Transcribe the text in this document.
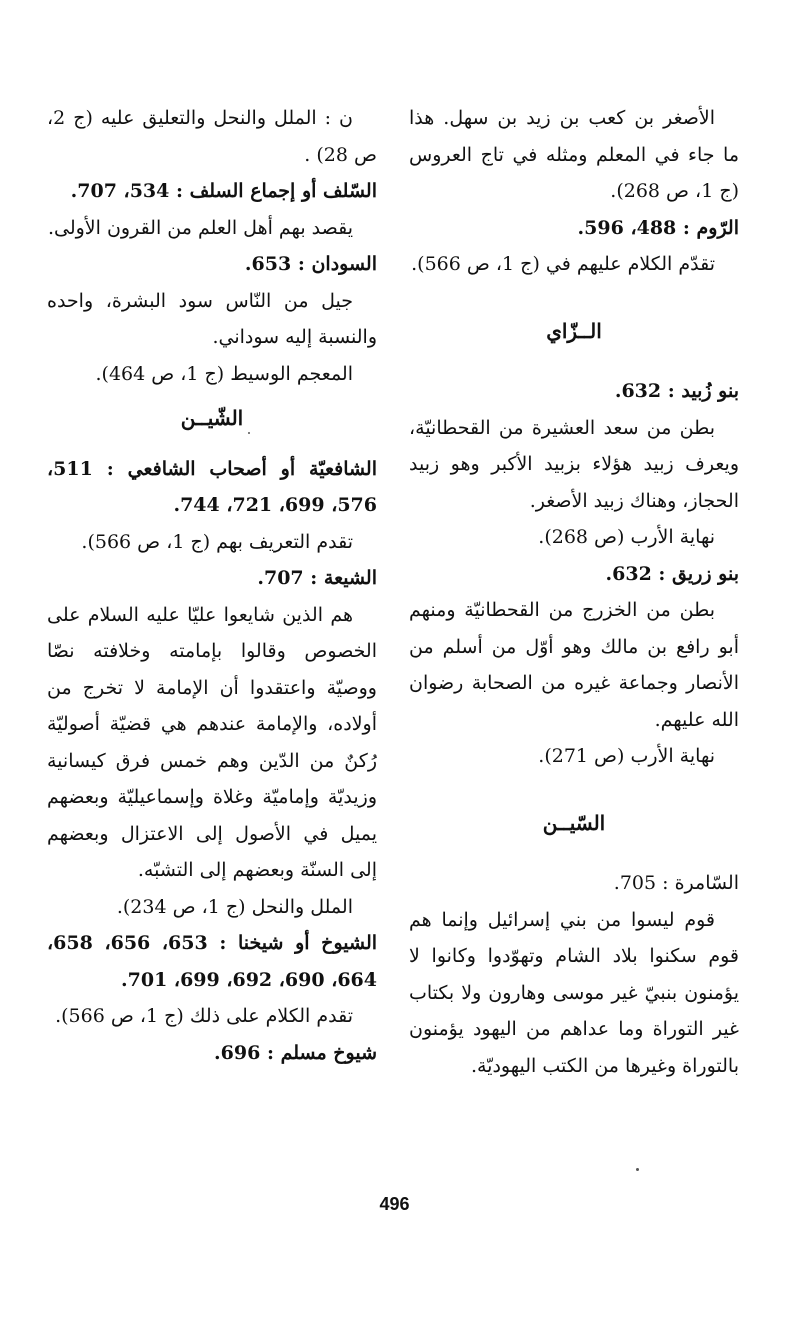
الأصغر بن كعب بن زيد بن سهل. هذا ما جاء في المعلم ومثله في تاج العروس (ج 1، ص 268).

الرّوم : 488، 596.

تقدّم الكلام عليهم في (ج 1، ص 566).

الــزّاي

بنو زُبيد : 632.

بطن من سعد العشيرة من القحطانيّة، ويعرف زبيد هؤلاء بزبيد الأكبر وهو زبيد الحجاز، وهناك زبيد الأصغر.

نهاية الأرب (ص 268).

بنو زريق : 632.

بطن من الخزرج من القحطانيّة ومنهم أبو رافع بن مالك وهو أوّل من أسلم من الأنصار وجماعة غيره من الصحابة رضوان الله عليهم.

نهاية الأرب (ص 271).

السّيــن

السّامرة : 705.

قوم ليسوا من بني إسرائيل وإنما هم قوم سكنوا بلاد الشام وتهوّدوا وكانوا لا يؤمنون بنبيّ غير موسى وهارون ولا بكتاب غير التوراة وما عداهم من اليهود يؤمنون بالتوراة وغيرها من الكتب اليهوديّة.

ن : الملل والنحل والتعليق عليه (ج 2، ص 28) .

السّلف أو إجماع السلف : 534، 707.

يقصد بهم أهل العلم من القرون الأولى.

السودان : 653.

جيل من النّاس سود البشرة، واحده والنسبة إليه سوداني.

المعجم الوسيط (ج 1، ص 464).

الشّيــن

الشافعيّة أو أصحاب الشافعي : 511، 576، 699، 721، 744.

تقدم التعريف بهم (ج 1، ص 566).

الشيعة : 707.

هم الذين شايعوا عليّا عليه السلام على الخصوص وقالوا بإمامته وخلافته نصّا ووصيّة واعتقدوا أن الإمامة لا تخرج من أولاده، والإمامة عندهم هي قضيّة أصوليّة رُكنٌ من الدّين وهم خمس فرق كيسانية وزيديّة وإماميّة وغلاة وإسماعيليّة وبعضهم يميل في الأصول إلى الاعتزال وبعضهم إلى السنّة وبعضهم إلى التشبّه.

الملل والنحل (ج 1، ص 234).

الشيوخ أو شيخنا : 653، 656، 658، 664، 690، 692، 699، 701.

تقدم الكلام على ذلك (ج 1، ص 566).

شيوخ مسلم : 696.

496
